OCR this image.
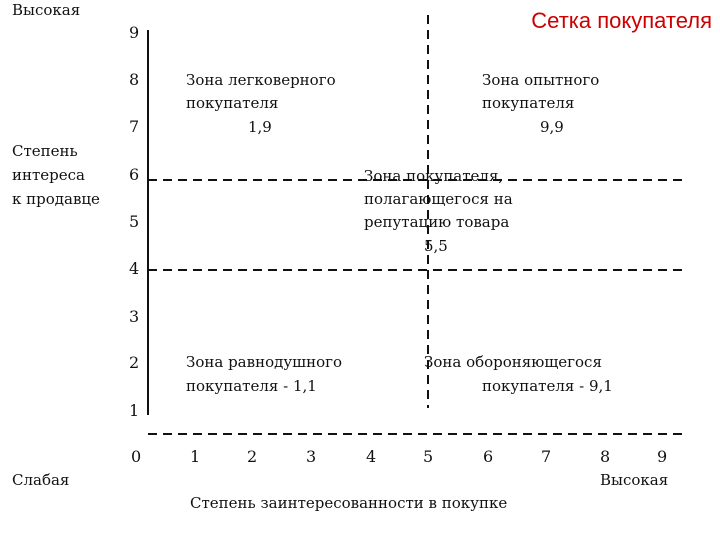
Сетка покупателя
Высокая
Слабая
Степень
интереса
к продавце
9
8
7
6
5
4
3
2
1
0	1	2	3	4	5	6	7	8	9
Высокая
Степень заинтересованности в покупке
Зона легковерного
покупателя
1,9
Зона опытного
покупателя
9,9
Зона покупателя,
полагающегося на
репутацию товара
5,5
Зона равнодушного
покупателя - 1,1
Зона обороняющегося
покупателя - 9,1
